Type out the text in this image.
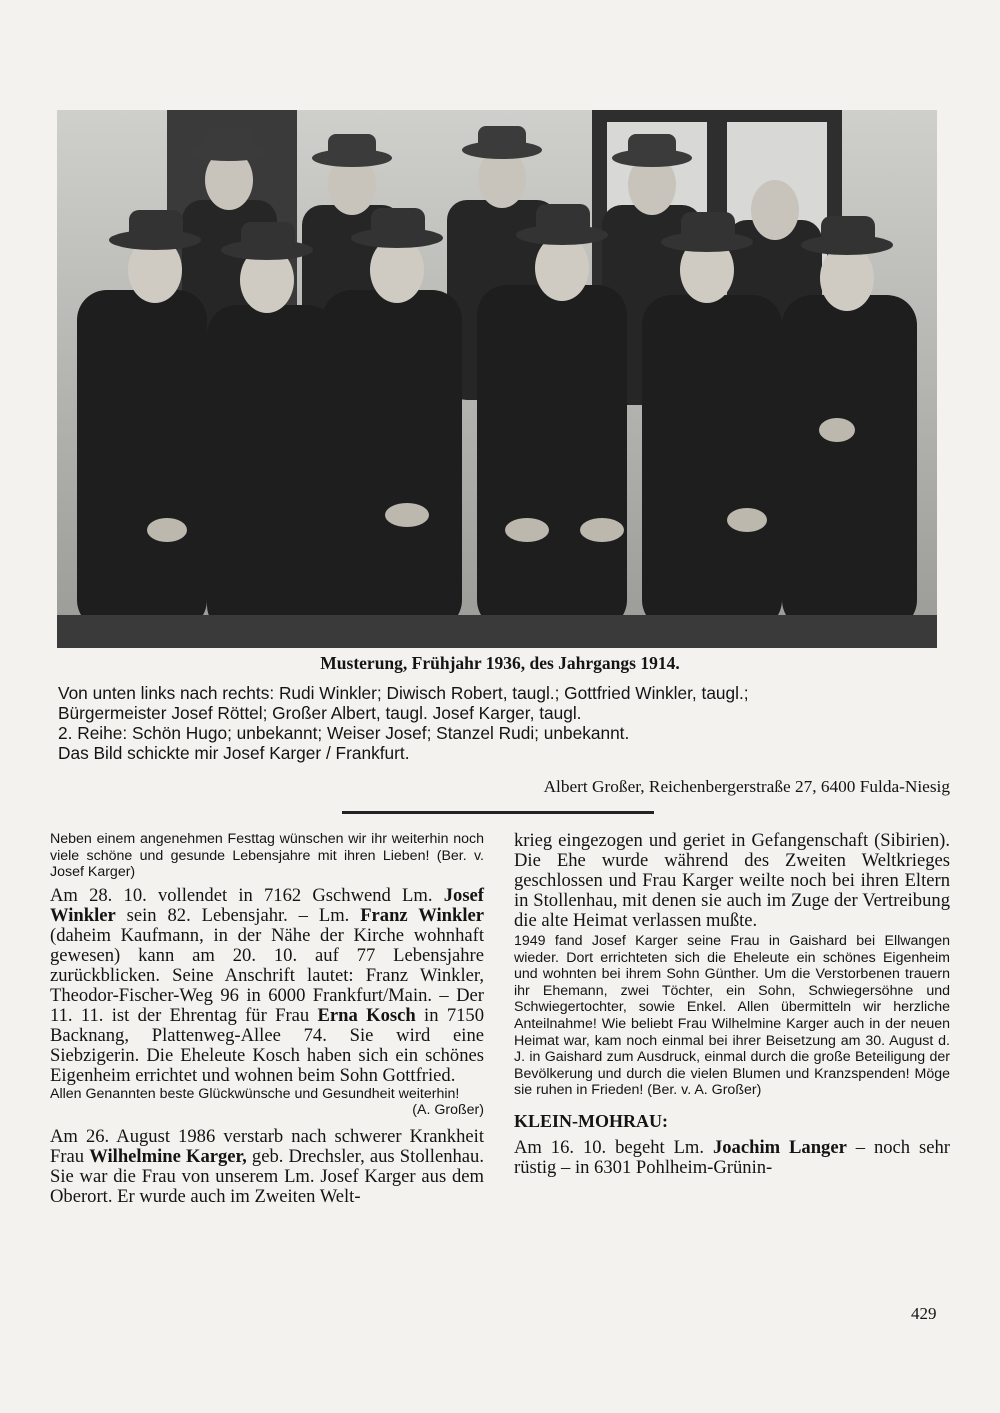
Musterung, Frühjahr 1936, des Jahrgangs 1914.
Von unten links nach rechts: Rudi Winkler; Diwisch Robert, taugl.; Gottfried Winkler, taugl.;
Bürgermeister Josef Röttel; Großer Albert, taugl. Josef Karger, taugl.
2. Reihe: Schön Hugo; unbekannt; Weiser Josef; Stanzel Rudi; unbekannt.
Das Bild schickte mir Josef Karger / Frankfurt.
Albert Großer, Reichenbergerstraße 27, 6400 Fulda-Niesig

Neben einem angenehmen Festtag wünschen wir ihr weiterhin noch viele schöne und gesunde Lebensjahre mit ihren Lieben! (Ber. v. Josef Karger)

Am 28. 10. vollendet in 7162 Gschwend Lm. Josef Winkler sein 82. Lebensjahr. – Lm. Franz Winkler (daheim Kaufmann, in der Nähe der Kirche wohnhaft gewesen) kann am 20. 10. auf 77 Lebensjahre zurückblicken. Seine Anschrift lautet: Franz Winkler, Theodor-Fischer-Weg 96 in 6000 Frankfurt/Main. – Der 11. 11. ist der Ehrentag für Frau Erna Kosch in 7150 Backnang, Plattenweg-Allee 74. Sie wird eine Siebzigerin. Die Eheleute Kosch haben sich ein schönes Eigenheim errichtet und wohnen beim Sohn Gottfried.

Allen Genannten beste Glückwünsche und Gesundheit weiterhin!

(A. Großer)

Am 26. August 1986 verstarb nach schwerer Krankheit Frau Wilhelmine Karger, geb. Drechsler, aus Stollenhau. Sie war die Frau von unserem Lm. Josef Karger aus dem Oberort. Er wurde auch im Zweiten Welt-

krieg eingezogen und geriet in Gefangenschaft (Sibirien). Die Ehe wurde während des Zweiten Weltkrieges geschlossen und Frau Karger weilte noch bei ihren Eltern in Stollenhau, mit denen sie auch im Zuge der Vertreibung die alte Heimat verlassen mußte.

1949 fand Josef Karger seine Frau in Gaishard bei Ellwangen wieder. Dort errichteten sich die Eheleute ein schönes Eigenheim und wohnten bei ihrem Sohn Günther. Um die Verstorbenen trauern ihr Ehemann, zwei Töchter, ein Sohn, Schwiegersöhne und Schwiegertochter, sowie Enkel. Allen übermitteln wir herzliche Anteilnahme! Wie beliebt Frau Wilhelmine Karger auch in der neuen Heimat war, kam noch einmal bei ihrer Beisetzung am 30. August d. J. in Gaishard zum Ausdruck, einmal durch die große Beteiligung der Bevölkerung und durch die vielen Blumen und Kranzspenden! Möge sie ruhen in Frieden! (Ber. v. A. Großer)

KLEIN-MOHRAU:

Am 16. 10. begeht Lm. Joachim Langer – noch sehr rüstig – in 6301 Pohlheim-Grünin-

429
